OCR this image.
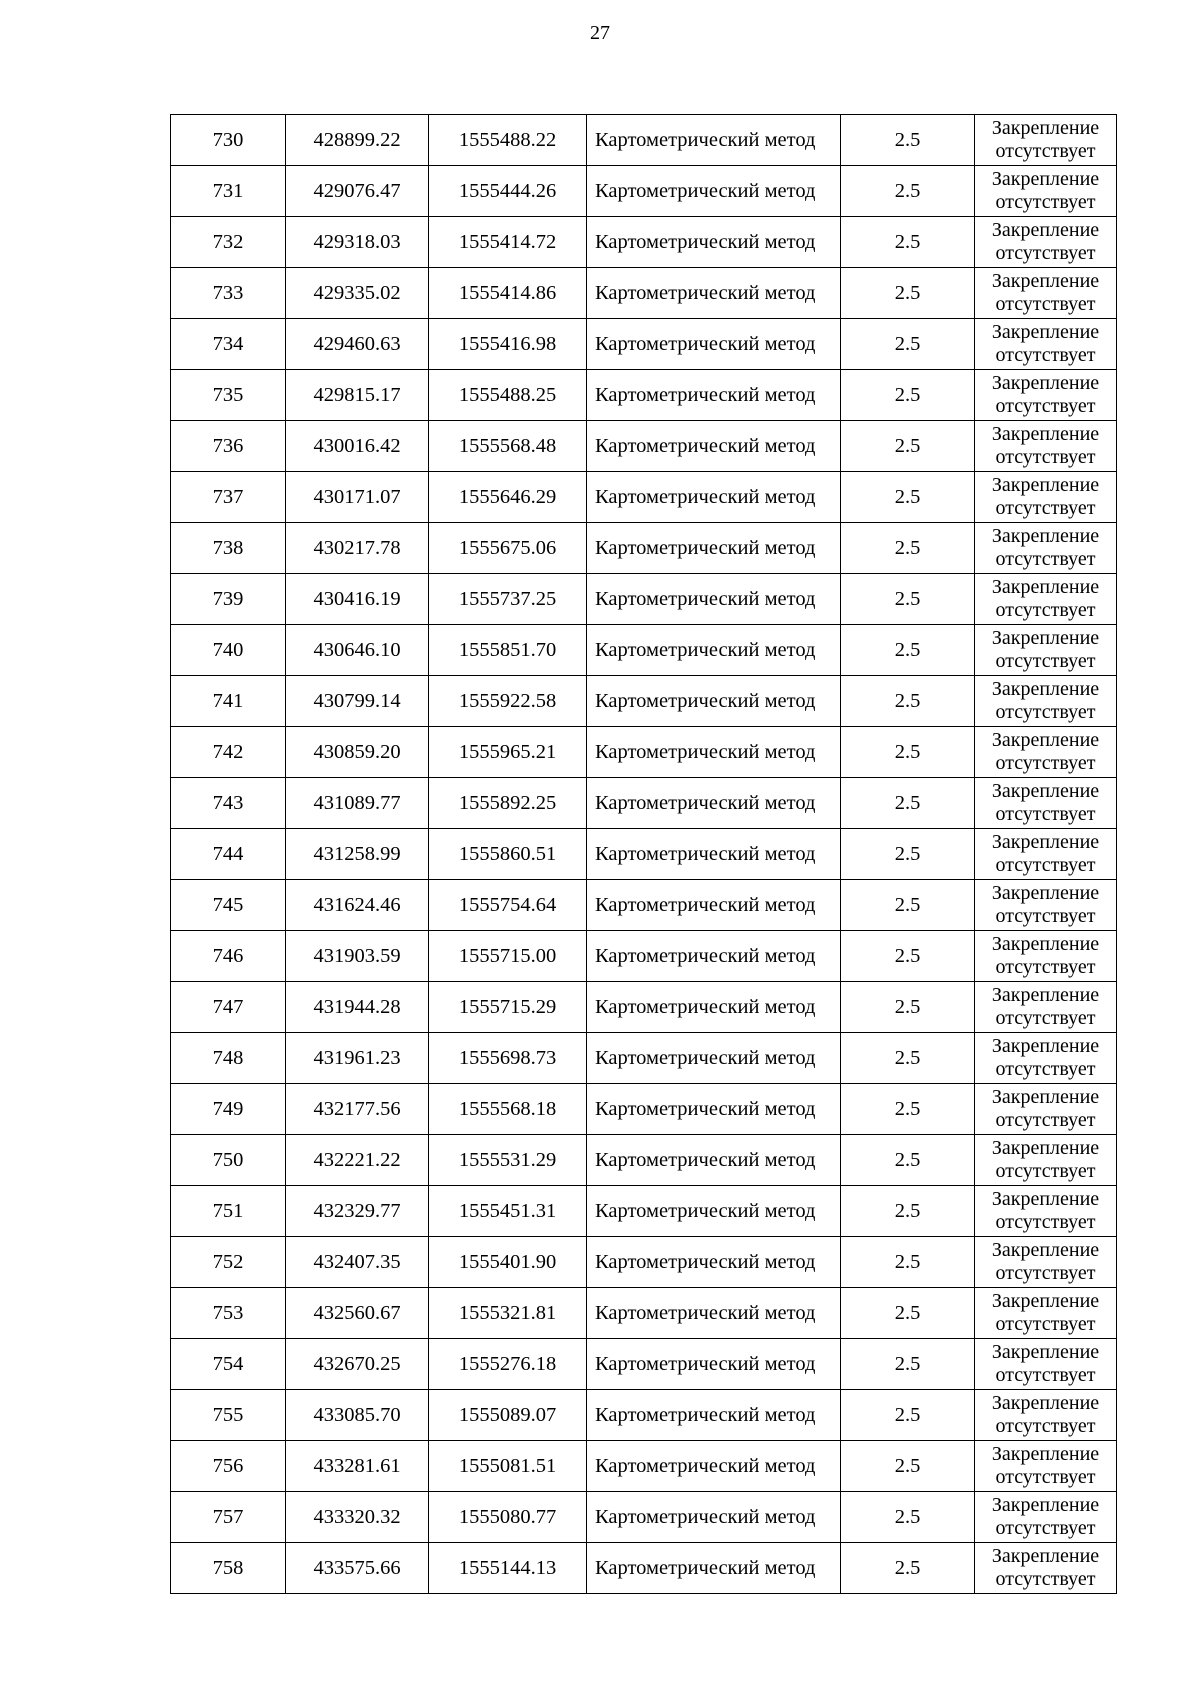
27
730	428899.22	1555488.22	Картометрический метод	2.5	Закрепление
отсутствует

731	429076.47	1555444.26	Картометрический метод	2.5	Закрепление
отсутствует

732	429318.03	1555414.72	Картометрический метод	2.5	Закрепление
отсутствует

733	429335.02	1555414.86	Картометрический метод	2.5	Закрепление
отсутствует

734	429460.63	1555416.98	Картометрический метод	2.5	Закрепление
отсутствует

735	429815.17	1555488.25	Картометрический метод	2.5	Закрепление
отсутствует

736	430016.42	1555568.48	Картометрический метод	2.5	Закрепление
отсутствует

737	430171.07	1555646.29	Картометрический метод	2.5	Закрепление
отсутствует

738	430217.78	1555675.06	Картометрический метод	2.5	Закрепление
отсутствует

739	430416.19	1555737.25	Картометрический метод	2.5	Закрепление
отсутствует

740	430646.10	1555851.70	Картометрический метод	2.5	Закрепление
отсутствует

741	430799.14	1555922.58	Картометрический метод	2.5	Закрепление
отсутствует

742	430859.20	1555965.21	Картометрический метод	2.5	Закрепление
отсутствует

743	431089.77	1555892.25	Картометрический метод	2.5	Закрепление
отсутствует

744	431258.99	1555860.51	Картометрический метод	2.5	Закрепление
отсутствует

745	431624.46	1555754.64	Картометрический метод	2.5	Закрепление
отсутствует

746	431903.59	1555715.00	Картометрический метод	2.5	Закрепление
отсутствует

747	431944.28	1555715.29	Картометрический метод	2.5	Закрепление
отсутствует

748	431961.23	1555698.73	Картометрический метод	2.5	Закрепление
отсутствует

749	432177.56	1555568.18	Картометрический метод	2.5	Закрепление
отсутствует

750	432221.22	1555531.29	Картометрический метод	2.5	Закрепление
отсутствует

751	432329.77	1555451.31	Картометрический метод	2.5	Закрепление
отсутствует

752	432407.35	1555401.90	Картометрический метод	2.5	Закрепление
отсутствует

753	432560.67	1555321.81	Картометрический метод	2.5	Закрепление
отсутствует

754	432670.25	1555276.18	Картометрический метод	2.5	Закрепление
отсутствует

755	433085.70	1555089.07	Картометрический метод	2.5	Закрепление
отсутствует

756	433281.61	1555081.51	Картометрический метод	2.5	Закрепление
отсутствует

757	433320.32	1555080.77	Картометрический метод	2.5	Закрепление
отсутствует

758	433575.66	1555144.13	Картометрический метод	2.5	Закрепление
отсутствует
